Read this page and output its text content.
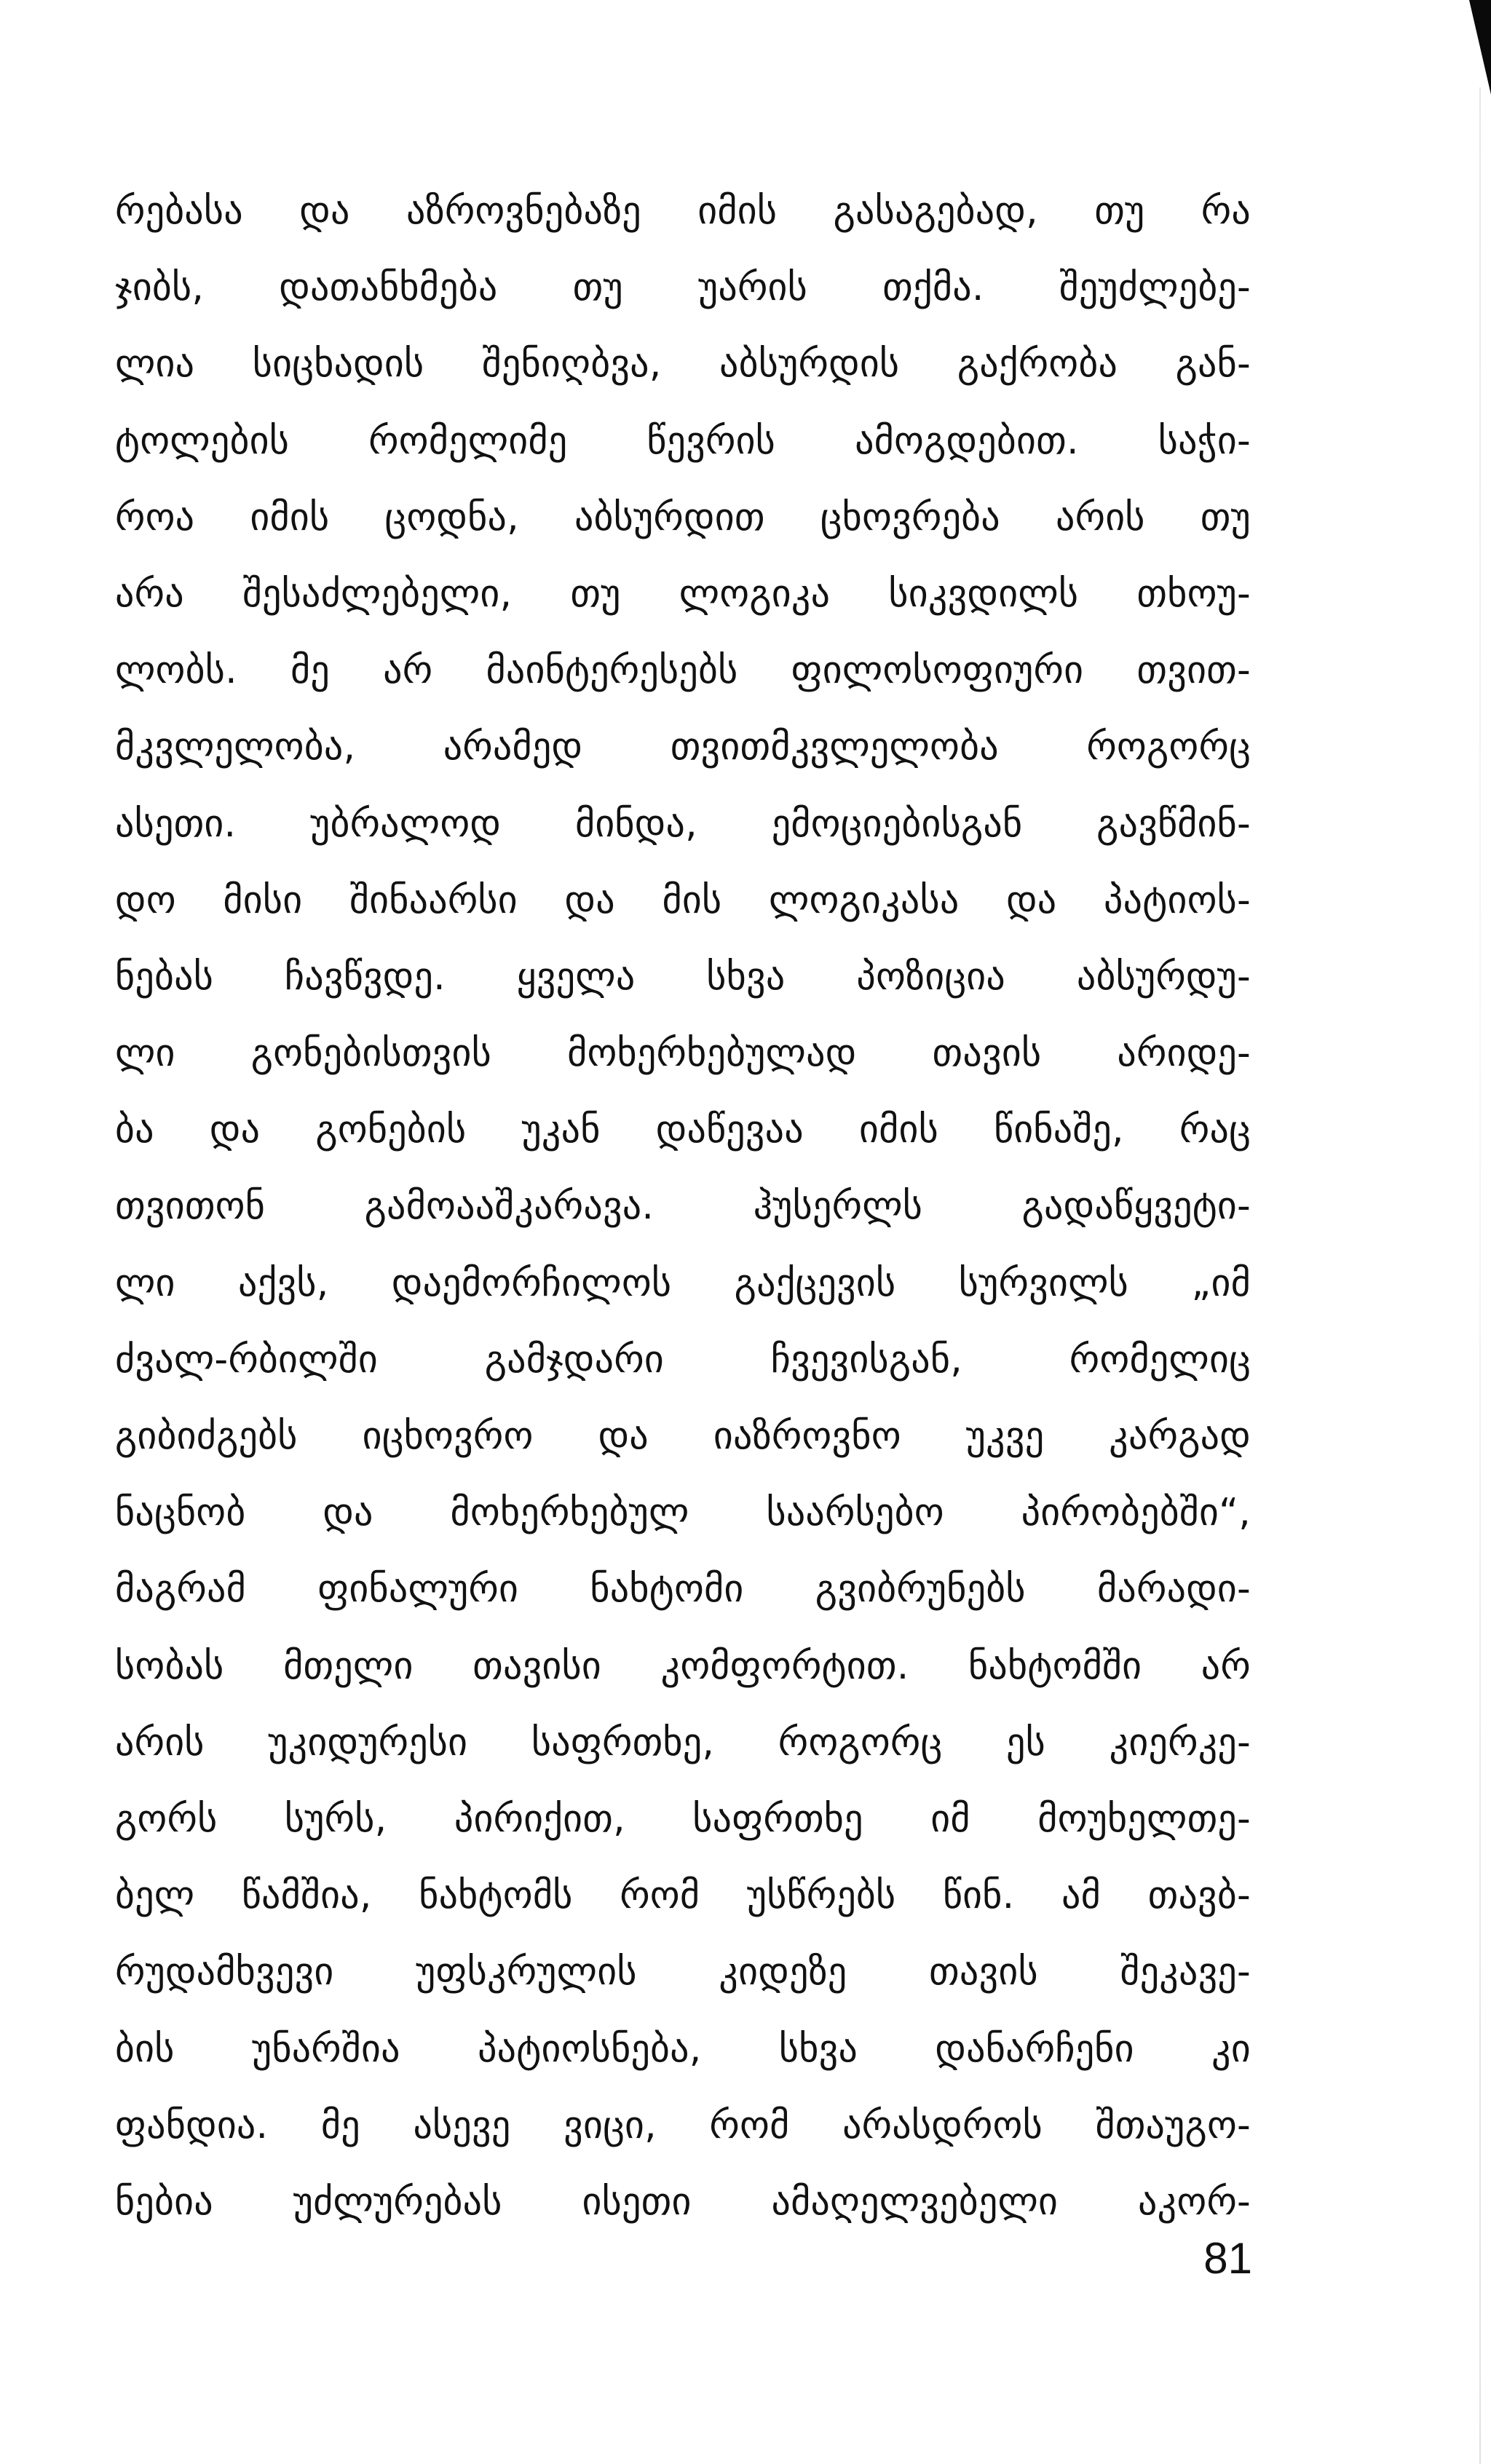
რებასა და აზროვნებაზე იმის გასაგებად, თუ რა
ჯიბს, დათანხმება თუ უარის თქმა. შეუძლებე-
ლია სიცხადის შენიღბვა, აბსურდის გაქრობა გან-
ტოლების რომელიმე წევრის ამოგდებით. საჭი-
როა იმის ცოდნა, აბსურდით ცხოვრება არის თუ
არა შესაძლებელი, თუ ლოგიკა სიკვდილს თხოუ-
ლობს. მე არ მაინტერესებს ფილოსოფიური თვით-
მკვლელობა, არამედ თვითმკვლელობა როგორც
ასეთი. უბრალოდ მინდა, ემოციებისგან გავწმინ-
დო მისი შინაარსი და მის ლოგიკასა და პატიოს-
ნებას ჩავწვდე. ყველა სხვა პოზიცია აბსურდუ-
ლი გონებისთვის მოხერხებულად თავის არიდე-
ბა და გონების უკან დაწევაა იმის წინაშე, რაც
თვითონ გამოააშკარავა. ჰუსერლს გადაწყვეტი-
ლი აქვს, დაემორჩილოს გაქცევის სურვილს „იმ
ძვალ-რბილში გამჯდარი ჩვევისგან, რომელიც
გიბიძგებს იცხოვრო და იაზროვნო უკვე კარგად
ნაცნობ და მოხერხებულ საარსებო პირობებში“,
მაგრამ ფინალური ნახტომი გვიბრუნებს მარადი-
სობას მთელი თავისი კომფორტით. ნახტომში არ
არის უკიდურესი საფრთხე, როგორც ეს კიერკე-
გორს სურს, პირიქით, საფრთხე იმ მოუხელთე-
ბელ წამშია, ნახტომს რომ უსწრებს წინ. ამ თავბ-
რუდამხვევი უფსკრულის კიდეზე თავის შეკავე-
ბის უნარშია პატიოსნება, სხვა დანარჩენი კი
ფანდია. მე ასევე ვიცი, რომ არასდროს შთაუგო-
ნებია უძლურებას ისეთი ამაღელვებელი აკორ-
81
